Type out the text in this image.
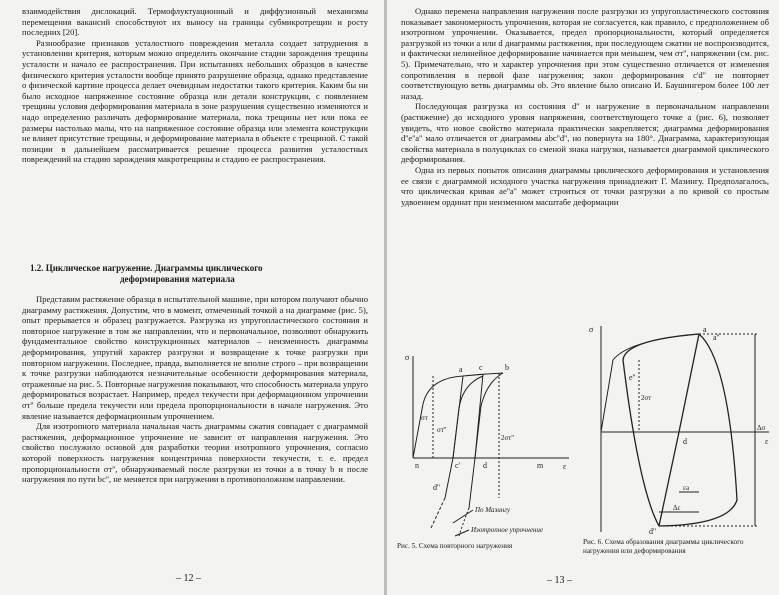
взаимодействия дислокаций. Термофлуктуационный и диффузионный механизмы перемещения вакансий способствуют их выносу на границы субмикротрещин и росту последних [20].

Разнообразие признаков усталостного повреждения металла создает затруднения в установлении критерия, которым можно определить окончание стадии зарождения трещины усталости и начало ее распространения. При испытаниях небольших образцов в качестве физического критерия усталости вообще принято разрушение образца, однако представление о физической картине процесса делает очевидным недостатки такого критерия. Каким бы ни было исходное напряженное состояние образца или детали конструкции, с появлением трещины условия деформирования материала в зоне разрушения существенно изменяются и надо определенно различать деформирование материала, пока трещины нет или пока ее размеры настолько малы, что на напряженное состояние образца или элемента конструкции не влияет присутствие трещины, и деформирование материала в объекте с трещиной. С такой позиции в дальнейшем рассматривается решение процесса развития усталостных повреждений на стадию зарождения макротрещины и стадию ее распространения.

1.2. Циклическое нагружение. Диаграммы циклического
деформирования материала

Представим растяжение образца в испытательной машине, при котором получают обычно диаграмму растяжения. Допустим, что в момент, отмеченный точкой а на диаграмме (рис. 5), опыт прерывается и образец разгружается. Разгрузка из упругопластического состояния и повторное нагружение в том же направлении, что и первоначальное, позволяют обнаружить фундаментальное свойство конструкционных материалов – неизменность диаграммы деформирования, упругий характер разгрузки и возвращение к точке разгрузки при повторном нагружении. Последнее, правда, выполняется не вполне строго – при возвращении к точке разгрузки наблюдаются незначительные особенности деформирования материала, отраженные на рис. 5. Повторные нагружения показывают, что способность материала упруго деформироваться возрастает. Например, предел текучести при деформационном упрочнении σт'' больше предела текучести или предела пропорциональности в начале нагружения. Это явление называется деформационным упрочнением.

Для изотропного материала начальная часть диаграммы сжатия совпадает с диаграммой растяжения, деформационное упрочнение не зависит от направления нагружения. Это свойство послужило основой для разработки теории изотропного упрочнения, согласно которой поверхность нагружения концентрична поверхности текучести, т. е. предел пропорциональности σт'', обнаруживаемый после разгрузки из точки а в точку b и после нагружения по пути bc'', не меняется при нагружении в противоположном направлении.

– 12 –

Однако перемена направления нагружения после разгрузки из упругопластического состояния показывает закономерность упрочнения, которая не согласуется, как правило, с предположением об изотропном упрочнении. Оказывается, предел пропорциональности, который определяется разгрузкой из точки а или d диаграммы растяжения, при последующем сжатии не воспроизводится, и фактически нелинейное деформирование начинается при меньшем, чем σт'', напряжении (см. рис. 5). Примечательно, что и характер упрочнения при этом существенно отличается от изменения сопротивления в первой фазе нагружения; закон деформирования c'd'' не повторяет соответствующую ветвь диаграммы ob. Это явление было описано И. Баушингером более 100 лет назад.

Последующая разгрузка из состояния d'' и нагружение в первоначальном направлении (растяжение) до исходного уровня напряжения, соответствующего точке а (рис. 6), позволяет увидеть, что новое свойство материала практически закрепляется; диаграмма деформирования d''e''a'' мало отличается от диаграммы abc''d'', но повернута на 180°. Диаграмма, характеризующая свойства материала в полуциклах со сменой знака нагрузки, называется диаграммой циклического деформирования.

Одна из первых попыток описания диаграммы циклического деформирования и установления ее связи с диаграммой исходного участка нагружения принадлежит Г. Мазингу. Предполагалось, что циклическая кривая ае''а'' может строиться от точки разгрузки а по кривой со простым удвоением ординат при неизменном масштабе деформации

σ
ε
a c	b
n
d''
c'	d	m
σт
σт''
2σт''
По Мазингу
Изотропное упрочнение
Рис. 5. Схема повторного нагружения
σ
ε
a
a''
e''
d''
d
Δσ
2σт
Δε
εа
Рис. 6. Схема образования диаграммы циклического нагружения или деформирования
– 13 –
